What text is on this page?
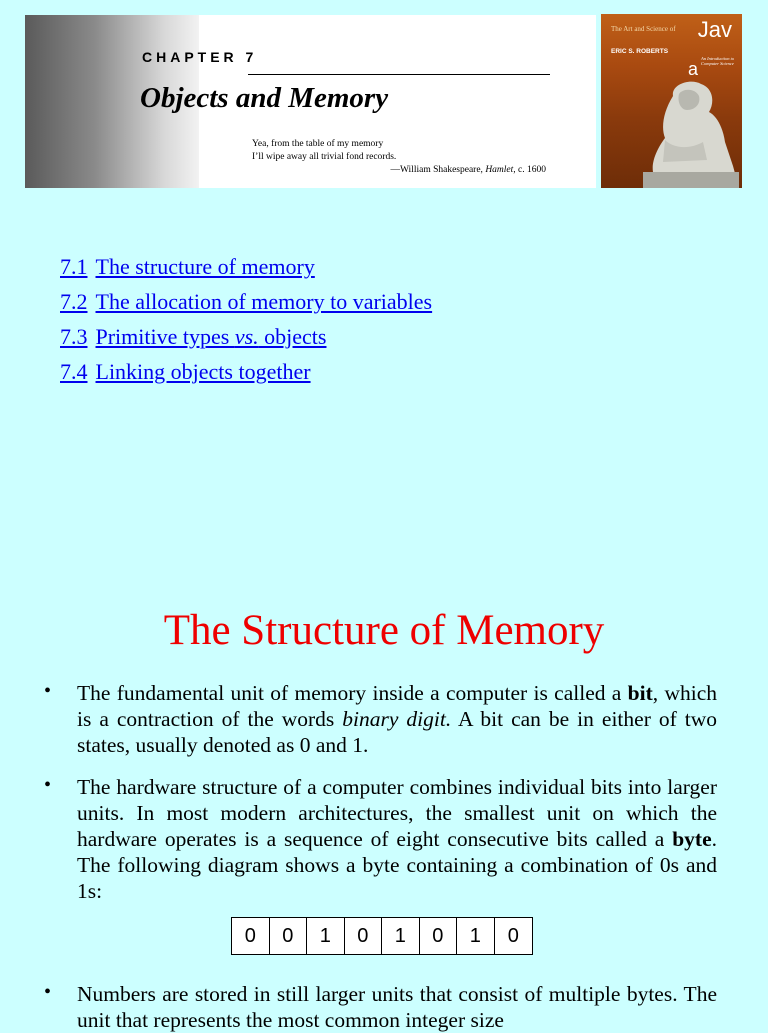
CHAPTER 7
Objects and Memory
Yea, from the table of my memory
I’ll wipe away all trivial fond records.
—William Shakespeare, Hamlet, c. 1600
The Art and Science of Jav
a
ERIC S. ROBERTS
An Introduction to Computer Science
7.1 The structure of memory
7.2 The allocation of memory to variables
7.3 Primitive types vs. objects
7.4 Linking objects together
The Structure of Memory
• The fundamental unit of memory inside a computer is called a bit, which is a contraction of the words binary digit. A bit can be in either of two states, usually denoted as 0 and 1.
• The hardware structure of a computer combines individual bits into larger units. In most modern architectures, the smallest unit on which the hardware operates is a sequence of eight consecutive bits called a byte. The following diagram shows a byte containing a combination of 0s and 1s:
0	0	1	0	1	0	1	0
• Numbers are stored in still larger units that consist of multiple bytes. The unit that represents the most common integer size
